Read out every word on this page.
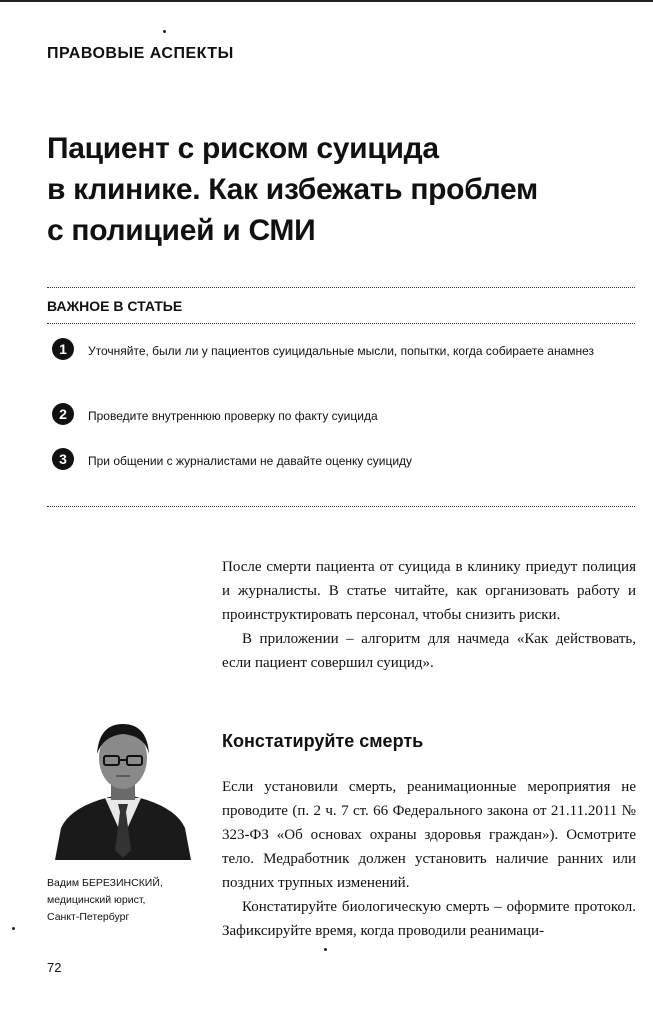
ПРАВОВЫЕ АСПЕКТЫ
Пациент с риском суицида
в клинике. Как избежать проблем
с полицией и СМИ
ВАЖНОЕ В СТАТЬЕ
1	Уточняйте, были ли у пациентов суицидальные мысли, попытки, когда собираете анамнез
2	Проведите внутреннюю проверку по факту суицида
3	При общении с журналистами не давайте оценку суициду

После смерти пациента от суицида в клинику приедут полиция и журналисты. В статье читайте, как организовать работу и проинструктировать персонал, чтобы снизить риски.

В приложении – алгоритм для начмеда «Как действовать, если пациент совершил суицид».

Констатируйте смерть

Если установили смерть, реанимационные мероприятия не проводите (п. 2 ч. 7 ст. 66 Федерального закона от 21.11.2011 № 323-ФЗ «Об основах охраны здоровья граждан»). Осмотрите тело. Медработник должен установить наличие ранних или поздних трупных изменений.

Констатируйте биологическую смерть – оформите протокол. Зафиксируйте время, когда проводили реанимаци-

Вадим БЕРЕЗИНСКИЙ,
медицинский юрист,
Санкт-Петербург
72
